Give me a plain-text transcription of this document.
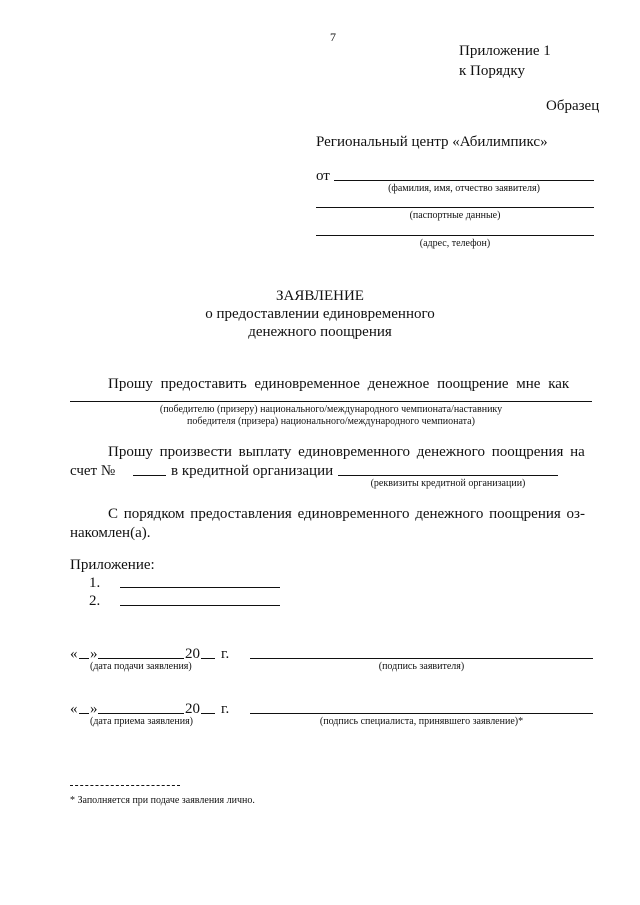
7
Приложение 1
к Порядку
Образец
Региональный центр «Абилимпикс»
от
(фамилия, имя, отчество заявителя)
(паспортные данные)
(адрес, телефон)
ЗАЯВЛЕНИЕ
о предоставлении единовременного
денежного поощрения
Прошу предоставить единовременное денежное поощрение мне как
(победителю (призеру) национального/международного чемпионата/наставнику
победителя (призера) национального/международного чемпионата)
Прошу произвести выплату единовременного денежного поощрения на
счет №	в кредитной организации
(реквизиты кредитной организации)
С порядком предоставления единовременного денежного поощрения оз-
накомлен(а).
Приложение:
1.
2.
« »	20 г.
(дата подачи заявления)	(подпись заявителя)
« »	20 г.
(дата приема заявления)	(подпись специалиста, принявшего заявление)*
* Заполняется при подаче заявления лично.
